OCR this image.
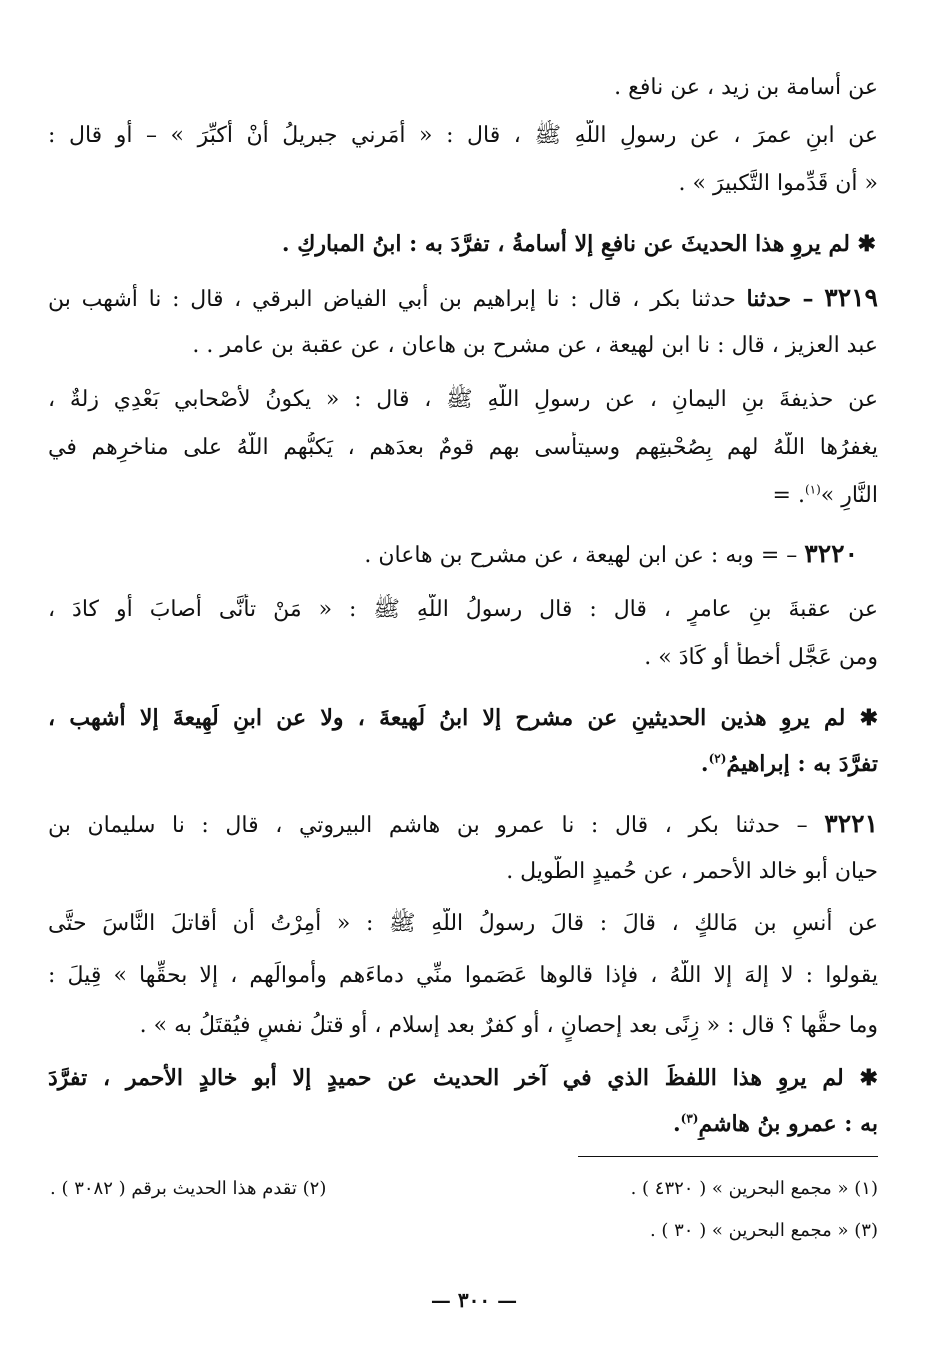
عن أسامة بن زيد ، عن نافع .
عن ابنِ عمرَ ، عن رسولِ اللّهِ ﷺ ، قال : « أَمَرني جبريلُ أَنْ أُكبِّرَ » – أو قال :
« أن قَدِّموا التَّكبيرَ » .
✱ لم يروِ هذا الحديثَ عن نافعٍ إلا أسامةُ ، تفرَّدَ به : ابنُ المباركِ .
٣٢١٩ – حدثنا حدثنا بكر ، قال : نا إبراهيم بن أبي الفياض البرقي ، قال : نا أشهب بن
عبد العزيز ، قال : نا ابن لهيعة ، عن مشرح بن هاعان ، عن عقبة بن عامر . .
عن حذيفةَ بنِ اليمانِ ، عن رسولِ اللّهِ ﷺ ، قال : « يكونُ لأَصْحابي بَعْدِي زلةٌ ،
يغفرُها اللّهُ لهم بِصُحْبتِهم وسيتأسى بهم قومٌ بعدَهم ، يَكبُّهم اللّهُ على مناخرِهم في
النَّارِ »$^{(١)}$. =
٣٢٢٠ – = وبه : عن ابن لهيعة ، عن مشرح بن هاعان .
عن عقبةَ بنِ عامرٍ ، قال : قال رسولُ اللّهِ ﷺ : « مَنْ تأنَّى أصابَ أو كادَ ،
ومن عَجَّل أخطأَ أو كَادَ » .
✱ لم يروِ هذين الحديثينِ عن مشرح إلا ابنُ لَهيعةَ ، ولا عن ابنِ لَهِيعةَ إلا أشهب ،
تفرَّدَ به : إبراهيمُ$^{(٢)}$.
٣٢٢١ – حدثنا بكر ، قال : نا عمرو بن هاشم البيروتي ، قال : نا سليمان بن
حيان أبو خالد الأحمر ، عن حُميدٍ الطَّويل .
عن أنسِ بن مَالكٍ ، قالَ : قالَ رسولُ اللّهِ ﷺ : « أُمِرْتُ أن أقاتلَ النَّاسَ حتَّى
يقولوا : لا إلهَ إلا اللّهُ ، فإذا قالوها عَصَموا منِّي دماءَهم وأموالَهم ، إلا بحقِّها » قِيلَ :
وما حقُّها ؟ قال : « زِنًى بعد إحصانٍ ، أو كفرٌ بعد إسلام ، أو قتلُ نفسٍ فيُقتَلُ به » .
✱ لم يروِ هذا اللفظَ الذي في آخر الحديث عن حميدٍ إلا أبو خالدٍ الأحمر ، تفرَّدَ
به : عمرو بنُ هاشمٍ$^{(٣)}$.
(١) « مجمع البحرين » ( ٤٣٢٠ ) .
(٢) تقدم هذا الحديث برقم ( ٣٠٨٢ ) .
(٣) « مجمع البحرين » ( ٣٠ ) .
— ٣٠٠ —
